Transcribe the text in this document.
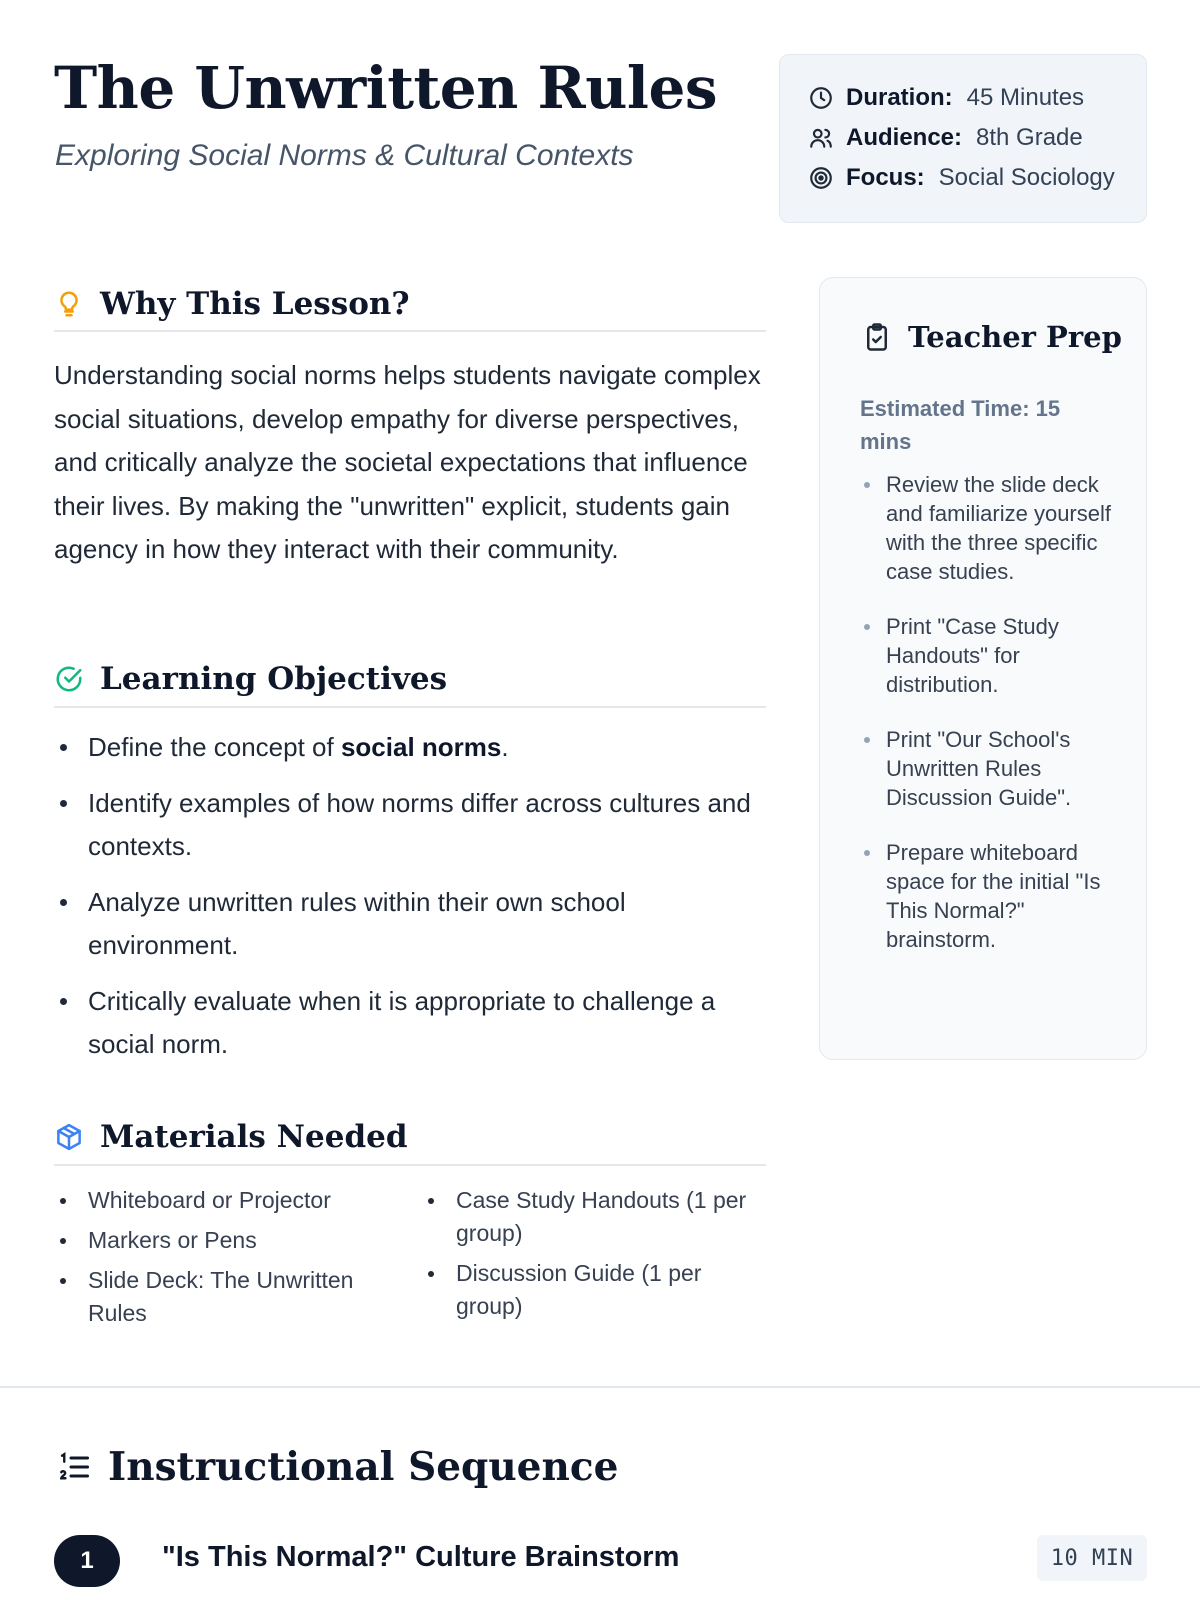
The Unwritten Rules
Exploring Social Norms & Cultural Contexts
Duration: 45 Minutes
Audience: 8th Grade
Focus: Social Sociology
Why This Lesson?

Understanding social norms helps students navigate complex social situations, develop empathy for diverse perspectives, and critically analyze the societal expectations that influence their lives. By making the "unwritten" explicit, students gain agency in how they interact with their community.

Learning Objectives
Define the concept of social norms.
Identify examples of how norms differ across cultures and contexts.
Analyze unwritten rules within their own school environment.
Critically evaluate when it is appropriate to challenge a social norm.
Materials Needed
Whiteboard or Projector
Markers or Pens
Slide Deck: The Unwritten Rules
Case Study Handouts (1 per group)
Discussion Guide (1 per group)
Teacher Prep
Estimated Time: 15 mins
Review the slide deck and familiarize yourself with the three specific case studies.
Print "Case Study Handouts" for distribution.
Print "Our School's Unwritten Rules Discussion Guide".
Prepare whiteboard space for the initial "Is This Normal?" brainstorm.
Instructional Sequence
1	"Is This Normal?" Culture Brainstorm	10 MIN
